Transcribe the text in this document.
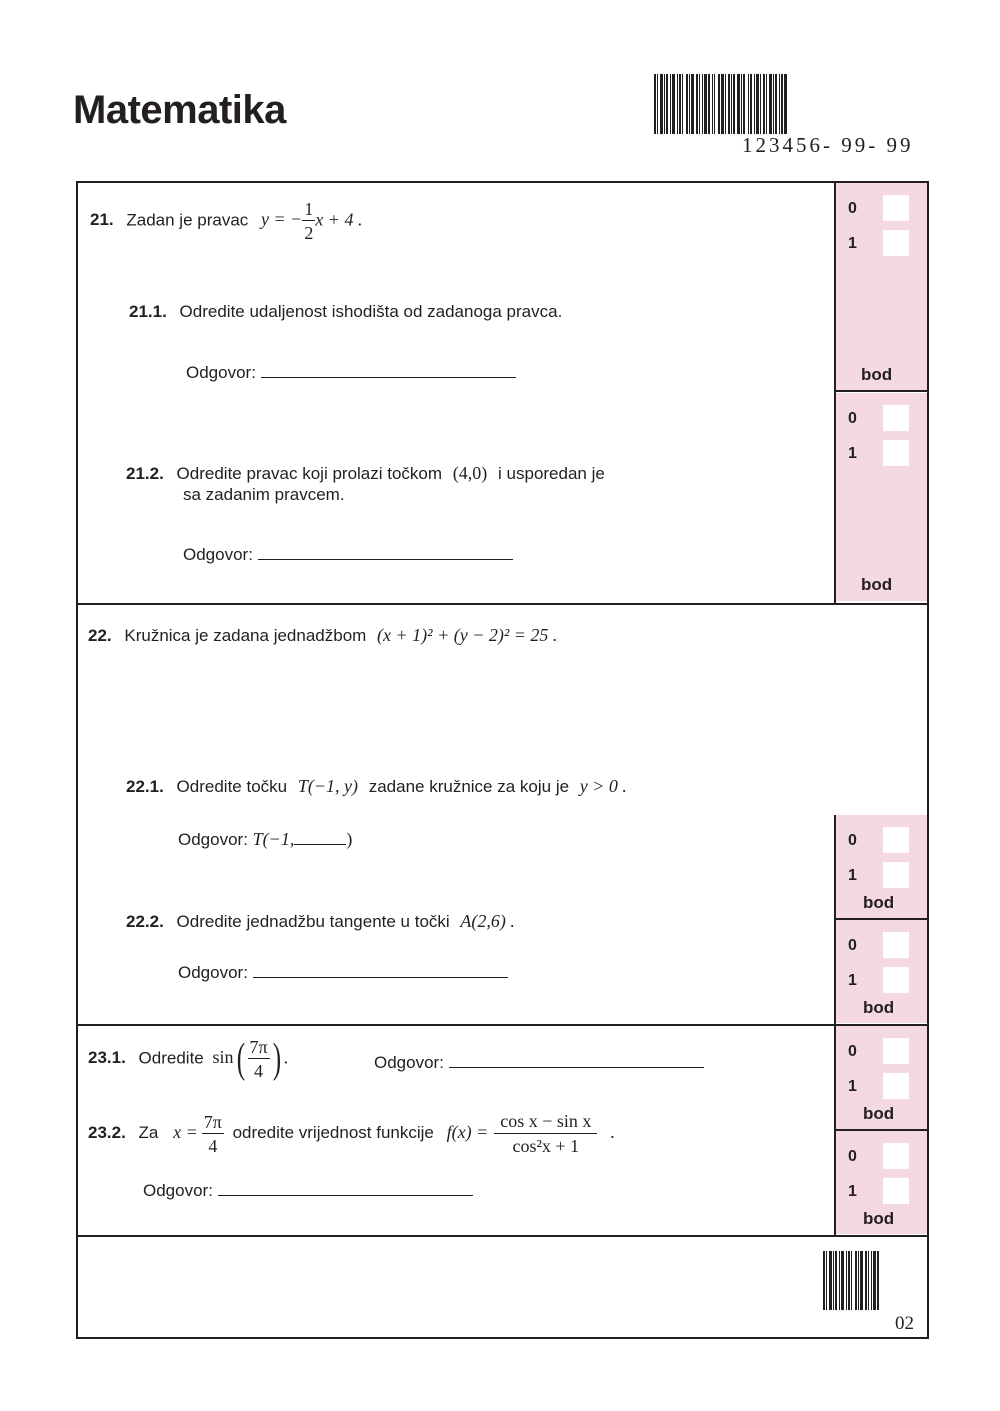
Matematika
123456- 99- 99
0
1
bod
0
1
bod
0
1
bod
0
1
bod
0
1
bod
0
1
bod
21. Zadan je pravac y = − $\frac{1}{2}$ x + 4 .
21.1. Odredite udaljenost ishodišta od zadanoga pravca.
Odgovor:
21.2. Odredite pravac koji prolazi točkom (4,0) i usporedan je
sa zadanim pravcem.
Odgovor:
22. Kružnica je zadana jednadžbom (x + 1)² + (y − 2)² = 25 .
22.1. Odredite točku T(−1, y) zadane kružnice za koju je y > 0 .
Odgovor: T(−1,	)
22.2. Odredite jednadžbu tangente u točki A(2,6) .
Odgovor:
23.1. Odredite $\sin( \frac{7\pi}{4}$ ) .	Odgovor:
23.2. Za $x = \frac{7\pi}{4}$ odredite vrijednost funkcije $f(x) = \frac{\text{cos x − sin x}}{\text{cos²x + 1}}$ .
Odgovor:
02
